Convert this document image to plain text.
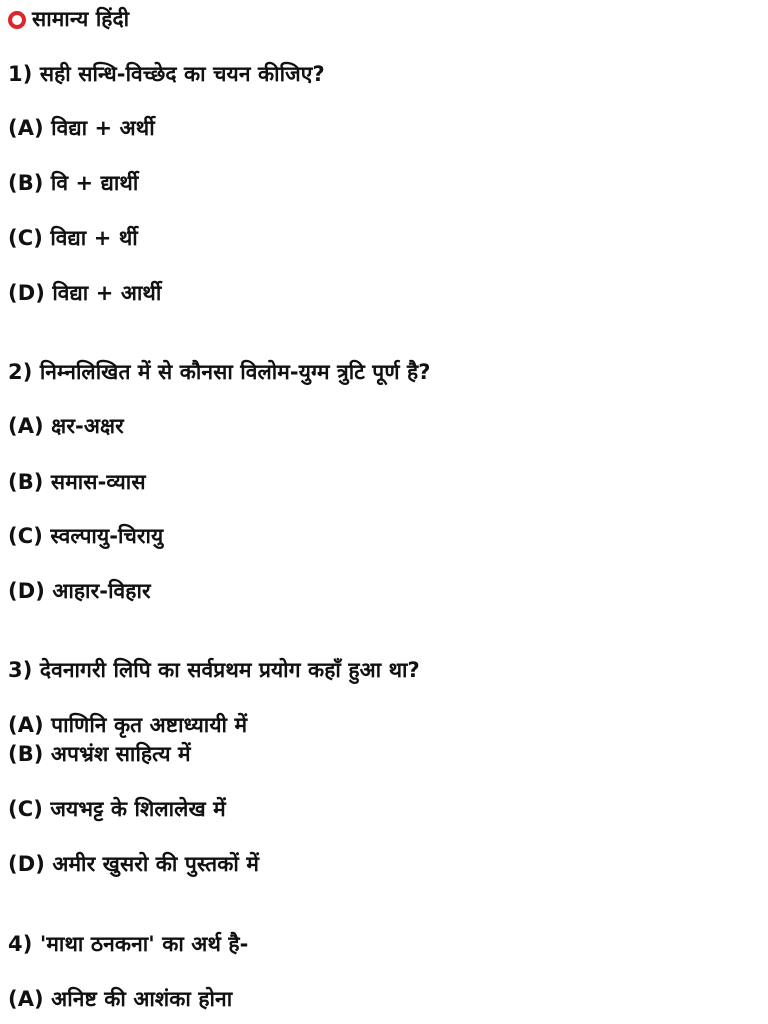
सामान्य हिंदी
1) सही सन्धि-विच्छेद का चयन कीजिए?
(A) विद्या + अर्थी
(B) वि + द्यार्थी
(C) विद्या + र्थी
(D) विद्या + आर्थी
2) निम्नलिखित में से कौनसा विलोम-युग्म त्रुटि पूर्ण है?
(A) क्षर-अक्षर
(B) समास-व्यास
(C) स्वल्पायु-चिरायु
(D) आहार-विहार
3) देवनागरी लिपि का सर्वप्रथम प्रयोग कहाँ हुआ था?
(A) पाणिनि कृत अष्टाध्यायी में
(B) अपभ्रंश साहित्य में
(C) जयभट्ट के शिलालेख में
(D) अमीर खुसरो की पुस्तकों में
4) 'माथा ठनकना' का अर्थ है-
(A) अनिष्ट की आशंका होना
